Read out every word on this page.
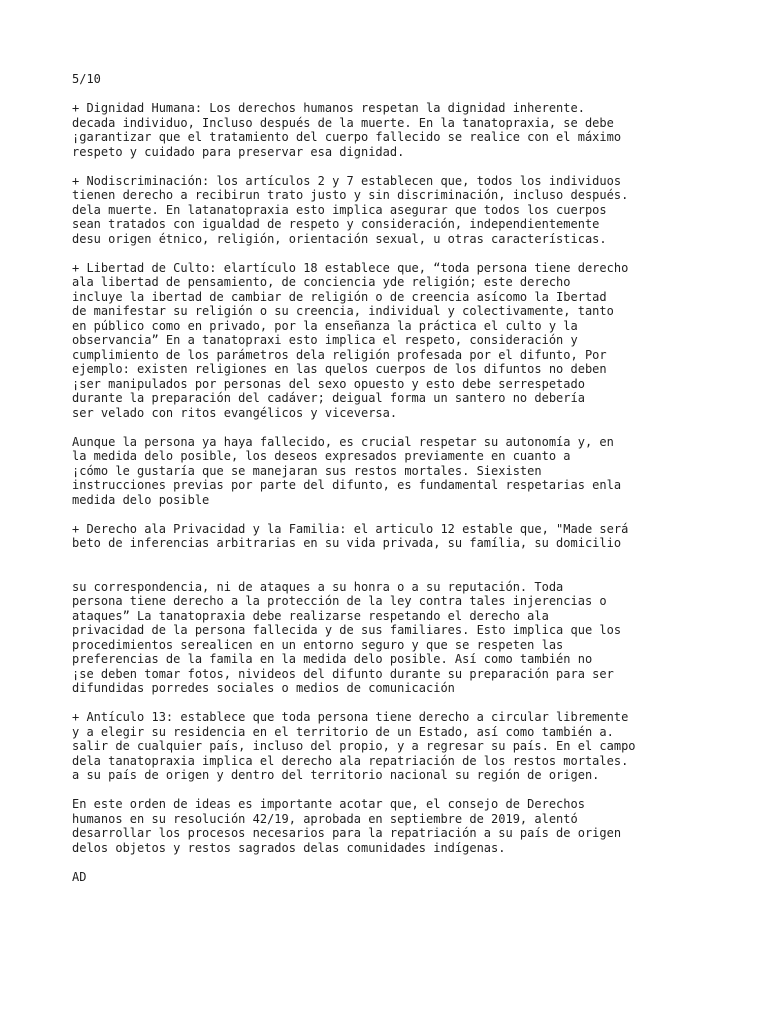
5/10
+ Dignidad Humana: Los derechos humanos respetan la dignidad inherente.
decada individuo, Incluso después de la muerte. En la tanatopraxia, se debe
¡garantizar que el tratamiento del cuerpo fallecido se realice con el máximo
respeto y cuidado para preservar esa dignidad.
+ Nodiscriminación: los artículos 2 y 7 establecen que, todos los individuos
tienen derecho a recibirun trato justo y sin discriminación, incluso después.
dela muerte. En latanatopraxia esto implica asegurar que todos los cuerpos
sean tratados con igualdad de respeto y consideración, independientemente
desu origen étnico, religión, orientación sexual, u otras características.
+ Libertad de Culto: elartículo 18 establece que, “toda persona tiene derecho
ala libertad de pensamiento, de conciencia yde religión; este derecho
incluye la ibertad de cambiar de religión o de creencia asícomo la Ibertad
de manifestar su religión o su creencia, individual y colectivamente, tanto
en público como en privado, por la enseñanza la práctica el culto y la
observancia” En a tanatopraxi esto implica el respeto, consideración y
cumplimiento de los parámetros dela religión profesada por el difunto, Por
ejemplo: existen religiones en las quelos cuerpos de los difuntos no deben
¡ser manipulados por personas del sexo opuesto y esto debe serrespetado
durante la preparación del cadáver; deigual forma un santero no debería
ser velado con ritos evangélicos y viceversa.
Aunque la persona ya haya fallecido, es crucial respetar su autonomía y, en
la medida delo posible, los deseos expresados previamente en cuanto a
¡cómo le gustaría que se manejaran sus restos mortales. Siexisten
instrucciones previas por parte del difunto, es fundamental respetarias enla
medida delo posible
+ Derecho ala Privacidad y la Familia: el articulo 12 estable que, "Made será
beto de inferencias arbitrarias en su vida privada, su família, su domicilio
su correspondencia, ni de ataques a su honra o a su reputación. Toda
persona tiene derecho a la protección de la ley contra tales injerencias o
ataques” La tanatopraxia debe realizarse respetando el derecho ala
privacidad de la persona fallecida y de sus familiares. Esto implica que los
procedimientos serealicen en un entorno seguro y que se respeten las
preferencias de la famila en la medida delo posible. Así como también no
¡se deben tomar fotos, nivideos del difunto durante su preparación para ser
difundidas porredes sociales o medios de comunicación
+ Antículo 13: establece que toda persona tiene derecho a circular libremente
y a elegir su residencia en el territorio de un Estado, así como también a.
salir de cualquier país, incluso del propio, y a regresar su país. En el campo
dela tanatopraxia implica el derecho ala repatriación de los restos mortales.
a su país de origen y dentro del territorio nacional su región de origen.
En este orden de ideas es importante acotar que, el consejo de Derechos
humanos en su resolución 42/19, aprobada en septiembre de 2019, alentó
desarrollar los procesos necesarios para la repatriación a su país de origen
delos objetos y restos sagrados delas comunidades indígenas.
AD
